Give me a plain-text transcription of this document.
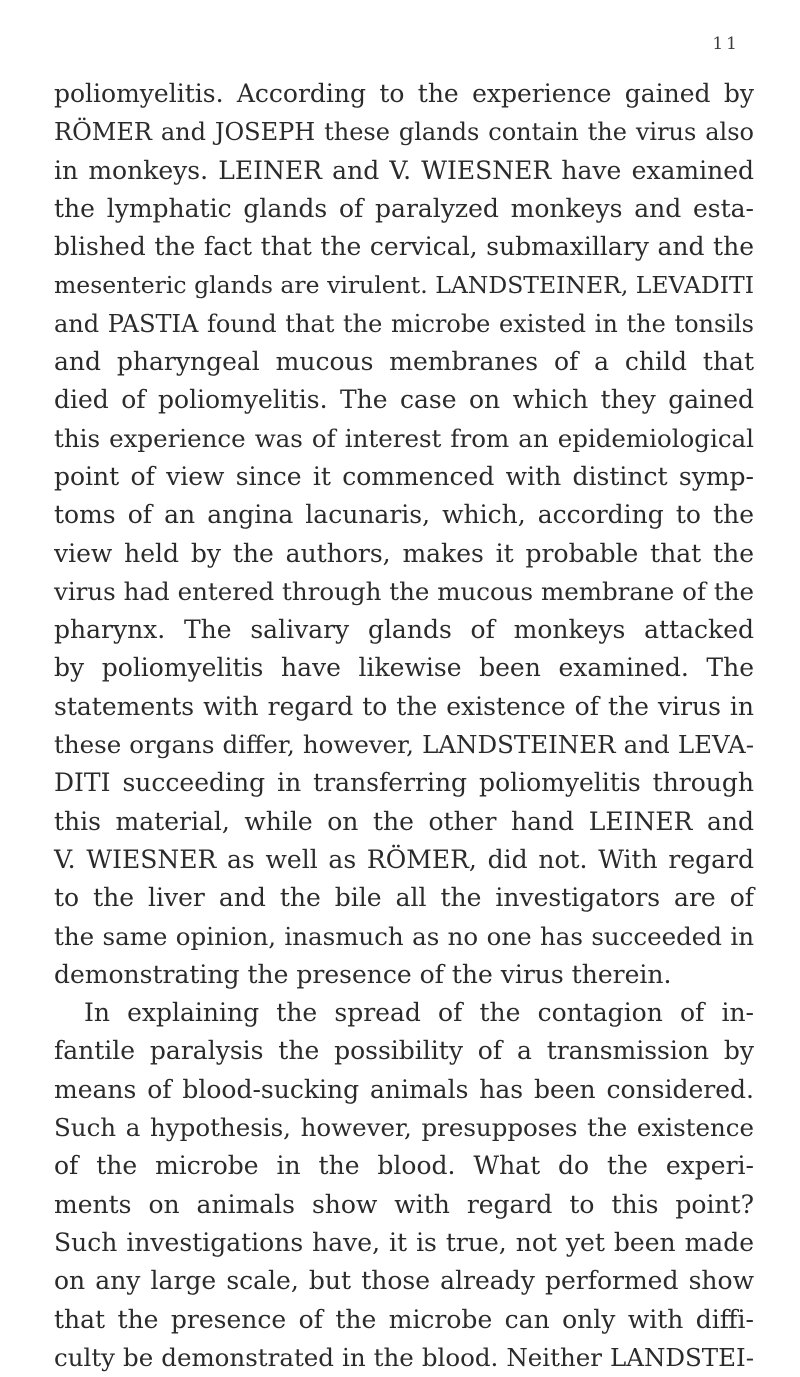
11
poliomyelitis. According to the experience gained by
RÖMER and JOSEPH these glands contain the virus also
in monkeys. LEINER and V. WIESNER have examined
the lymphatic glands of paralyzed monkeys and esta-
blished the fact that the cervical, submaxillary and the
mesenteric glands are virulent. LANDSTEINER, LEVADITI
and PASTIA found that the microbe existed in the tonsils
and pharyngeal mucous membranes of a child that
died of poliomyelitis. The case on which they gained
this experience was of interest from an epidemiological
point of view since it commenced with distinct symp-
toms of an angina lacunaris, which, according to the
view held by the authors, makes it probable that the
virus had entered through the mucous membrane of the
pharynx. The salivary glands of monkeys attacked
by poliomyelitis have likewise been examined. The
statements with regard to the existence of the virus in
these organs differ, however, LANDSTEINER and LEVA-
DITI succeeding in transferring poliomyelitis through
this material, while on the other hand LEINER and
V. WIESNER as well as RÖMER, did not. With regard
to the liver and the bile all the investigators are of
the same opinion, inasmuch as no one has succeeded in
demonstrating the presence of the virus therein.
In explaining the spread of the contagion of in-
fantile paralysis the possibility of a transmission by
means of blood-sucking animals has been considered.
Such a hypothesis, however, presupposes the existence
of the microbe in the blood. What do the experi-
ments on animals show with regard to this point?
Such investigations have, it is true, not yet been made
on any large scale, but those already performed show
that the presence of the microbe can only with diffi-
culty be demonstrated in the blood. Neither LANDSTEI-
